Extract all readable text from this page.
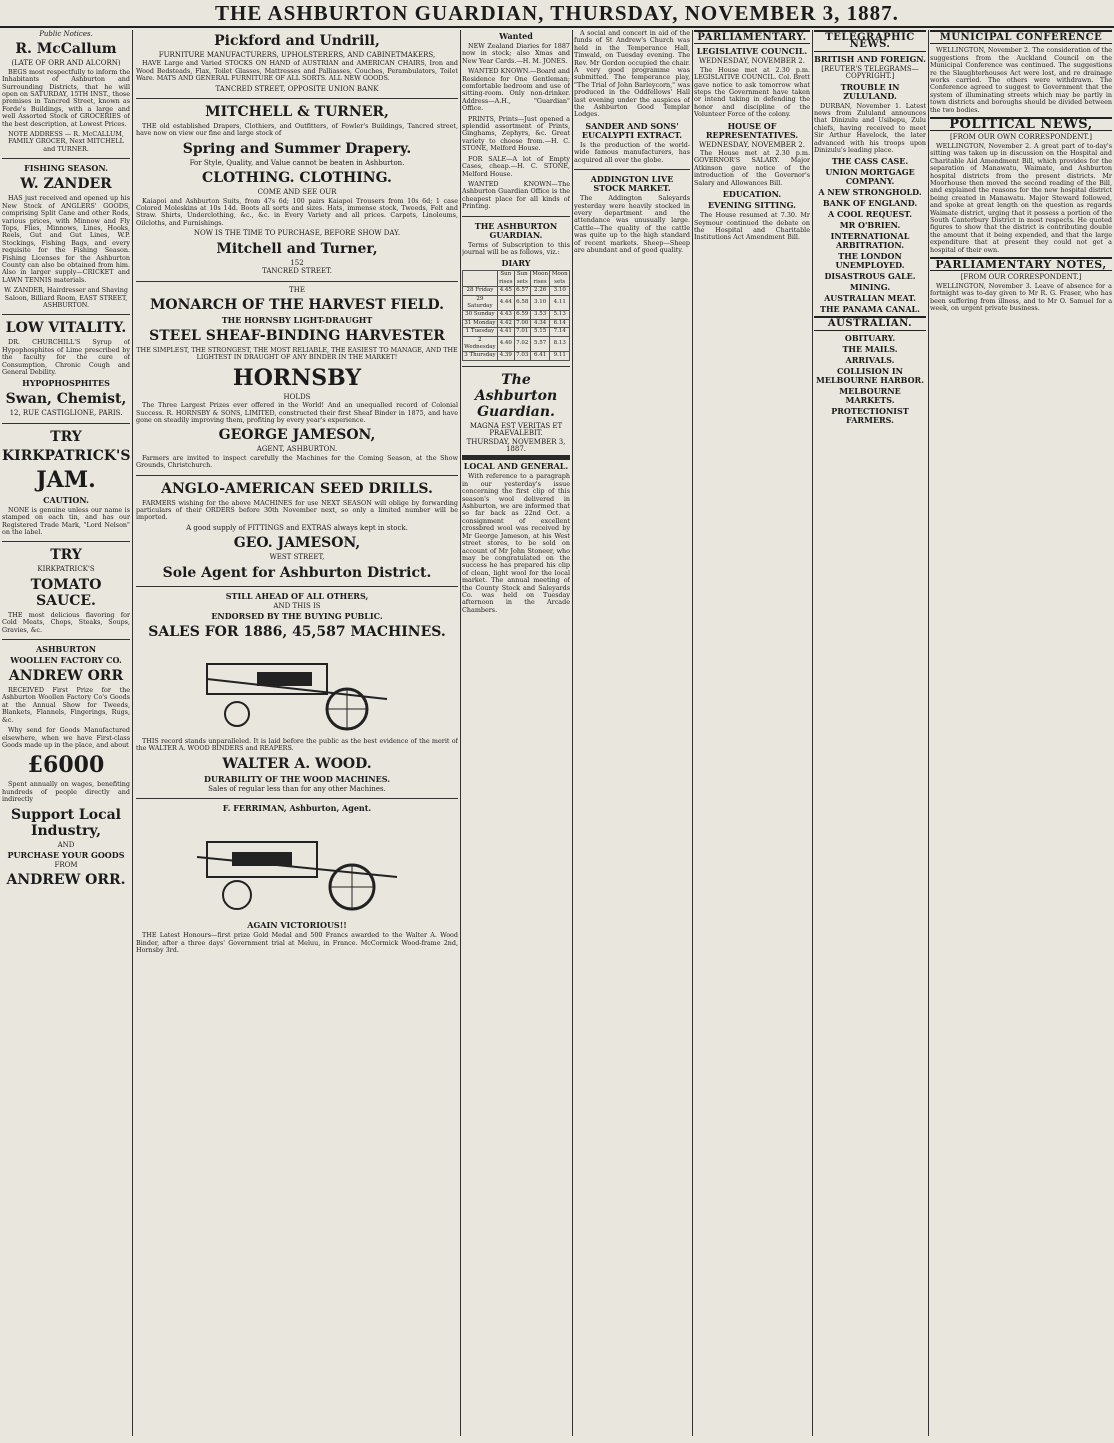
THE ASHBURTON GUARDIAN, THURSDAY, NOVEMBER 3, 1887.
Public Notices.
R. McCallum
(LATE OF ORR AND ALCORN)

BEGS most respectfully to inform the Inhabitants of Ashburton and Surrounding Districts, that he will open on SATURDAY, 15TH INST., those premises in Tancred Street, known as Forde's Buildings, with a large and well Assorted Stock of GROCERIES of the best description, at Lowest Prices.

NOTE ADDRESS — R. McCALLUM, FAMILY GROCER, Next MITCHELL and TURNER.

FISHING SEASON.
W. ZANDER

HAS just received and opened up his New Stock of ANGLERS' GOODS, comprising Split Cane and other Rods, various prices, with Minnow and Fly Tops, Flies, Minnows, Lines, Hooks, Reels, Gut and Gut Lines, W.P. Stockings, Fishing Bags, and every requisite for the Fishing Season. Fishing Licenses for the Ashburton County can also be obtained from him. Also in larger supply—CRICKET and LAWN TENNIS materials.

W. ZANDER, Hairdresser and Shaving Saloon, Billiard Room, EAST STREET, ASHBURTON.

LOW VITALITY.

DR. CHURCHILL'S Syrup of Hypophosphites of Lime prescribed by the faculty for the cure of Consumption, Chronic Cough and General Debility.

HYPOPHOSPHITES
Swan, Chemist,
12, RUE CASTIGLIONE, PARIS.
TRY
KIRKPATRICK'S
JAM.
CAUTION.

NONE is genuine unless our name is stamped on each tin, and has our Registered Trade Mark, "Lord Nelson" on the label.

TRY
KIRKPATRICK'S
TOMATO SAUCE.

THE most delicious flavoring for Cold Meats, Chops, Steaks, Soups, Gravies, &c.

ASHBURTON
WOOLLEN FACTORY CO.
ANDREW ORR

RECEIVED First Prize for the Ashburton Woollen Factory Co's Goods at the Annual Show for Tweeds, Blankets, Flannels, Fingerings, Rugs, &c.

Why send for Goods Manufactured elsewhere, when we have First-class Goods made up in the place, and about

£6000

Spent annually on wages, benefiting hundreds of people directly and indirectly

Support Local Industry,
AND
PURCHASE YOUR GOODS
FROM
ANDREW ORR.
Pickford and Undrill,
FURNITURE MANUFACTURERS, UPHOLSTERERS, AND CABINETMAKERS,

HAVE Large and Varied STOCKS ON HAND of AUSTRIAN and AMERICAN CHAIRS, Iron and Wood Bedsteads, Flax, Toilet Glasses, Mattresses and Palliasses, Couches, Perambulators, Toilet Ware. MATS AND GENERAL FURNITURE OF ALL SORTS. ALL NEW GOODS.

TANCRED STREET, OPPOSITE UNION BANK
MITCHELL & TURNER,

THE old established Drapers, Clothiers, and Outfitters, of Fowler's Buildings, Tancred street, have now on view our fine and large stock of

Spring and Summer Drapery.
For Style, Quality, and Value cannot be beaten in Ashburton.
CLOTHING. CLOTHING.
COME AND SEE OUR

Kaiapoi and Ashburton Suits, from 47s 6d; 100 pairs Kaiapoi Trousers from 10s 6d; 1 case Colored Moleskins at 10s 14d. Boots all sorts and sizes. Hats, immense stock, Tweeds, Felt and Straw. Shirts, Underclothing, &c., &c. in Every Variety and all prices. Carpets, Linoleums, Oilcloths, and Furnishings.

NOW IS THE TIME TO PURCHASE, BEFORE SHOW DAY.
Mitchell and Turner,
152
TANCRED STREET.
THE
MONARCH OF THE HARVEST FIELD.
THE HORNSBY LIGHT-DRAUGHT
STEEL SHEAF-BINDING HARVESTER

THE SIMPLEST, THE STRONGEST, THE MOST RELIABLE, THE EASIEST TO MANAGE, AND THE LIGHTEST IN DRAUGHT OF ANY BINDER IN THE MARKET!

HORNSBY
HOLDS

The Three Largest Prizes ever offered in the World! And an unequalled record of Colonial Success. R. HORNSBY & SONS, LIMITED, constructed their first Sheaf Binder in 1875, and have gone on steadily improving them, profiting by every year's experience.

GEORGE JAMESON,
AGENT, ASHBURTON.

Farmers are invited to inspect carefully the Machines for the Coming Season, at the Show Grounds, Christchurch.

ANGLO-AMERICAN SEED DRILLS.

FARMERS wishing for the above MACHINES for use NEXT SEASON will oblige by forwarding particulars of their ORDERS before 30th November next, so only a limited number will be imported.

A good supply of FITTINGS and EXTRAS always kept in stock.
GEO. JAMESON,
WEST STREET,
Sole Agent for Ashburton District.
STILL AHEAD OF ALL OTHERS,
AND THIS IS
ENDORSED BY THE BUYING PUBLIC.
SALES FOR 1886, 45,587 MACHINES.

THIS record stands unparalleled. It is laid before the public as the best evidence of the merit of the WALTER A. WOOD BINDERS and REAPERS.

WALTER A. WOOD.
DURABILITY OF THE WOOD MACHINES.
Sales of regular less than for any other Machines.
F. FERRIMAN, Ashburton, Agent.
AGAIN VICTORIOUS!!

THE Latest Honours—first prize Gold Medal and 500 Francs awarded to the Walter A. Wood Binder, after a three days' Government trial at Meluu, in France. McCormick Wood-frame 2nd, Hornsby 3rd.

Wanted

NEW Zealand Diaries for 1887 now in stock; also Xmas and New Year Cards.—H. M. JONES.

WANTED KNOWN.—Board and Residence for One Gentleman; comfortable bedroom and use of sitting-room. Only non-drinker. Address—A.H., "Guardian" Office.

PRINTS, Prints—Just opened a splendid assortment of Prints, Ginghams, Zephyrs, &c. Great variety to choose from.—H. C. STONE, Melford House.

FOR SALE—A lot of Empty Cases, cheap.—H. C. STONE, Melford House.

WANTED KNOWN—The Ashburton Guardian Office is the cheapest place for all kinds of Printing.

THE ASHBURTON GUARDIAN.

Terms of Subscription to this journal will be as follows, viz.:

DIARY
	Sun rises	Sun sets	Moon rises	Moon sets
28 Friday	4.45	6.57	2.26	3.10
29 Saturday	4.44	6.58	3.10	4.11
30 Sunday	4.43	6.59	3.53	5.13
31 Monday	4.42	7.00	4.34	6.14
1 Tuesday	4.41	7.01	5.15	7.14
2 Wednesday	4.40	7.02	5.57	8.13
3 Thursday	4.39	7.03	6.41	9.11
The Ashburton Guardian.
MAGNA EST VERITAS ET PRAEVALEBIT.
THURSDAY, NOVEMBER 3, 1887.
LOCAL AND GENERAL.

With reference to a paragraph in our yesterday's issue concerning the first clip of this season's wool delivered in Ashburton, we are informed that so far back as 22nd Oct. a consignment of excellent crossbred wool was received by Mr George Jameson, at his West street stores, to be sold on account of Mr John Stoneer, who may be congratulated on the success he has prepared his clip of clean, light wool for the local market. The annual meeting of the County Stock and Saleyards Co. was held on Tuesday afternoon in the Arcade Chambers.

A social and concert in aid of the funds of St Andrew's Church was held in the Temperance Hall, Tinwald, on Tuesday evening. The Rev. Mr Gordon occupied the chair. A very good programme was submitted. The temperance play, "The Trial of John Barleycorn," was produced in the Oddfellows' Hall last evening under the auspices of the Ashburton Good Templar Lodges.

SANDER AND SONS' EUCALYPTI EXTRACT.

Is the production of the world-wide famous manufacturers, has acquired all over the globe.

ADDINGTON LIVE STOCK MARKET.

The Addington Saleyards yesterday were heavily stocked in every department and the attendance was unusually large. Cattle—The quality of the cattle was quite up to the high standard of recent markets. Sheep—Sheep are abundant and of good quality.

PARLIAMENTARY.
LEGISLATIVE COUNCIL.
WEDNESDAY, NOVEMBER 2.

The House met at 2.30 p.m. LEGISLATIVE COUNCIL. Col. Brett gave notice to ask tomorrow what steps the Government have taken or intend taking in defending the honor and discipline of the Volunteer Force of the colony.

HOUSE OF REPRESENTATIVES.
WEDNESDAY, NOVEMBER 2.

The House met at 2.30 p.m. GOVERNOR'S SALARY. Major Atkinson gave notice of the introduction of the Governor's Salary and Allowances Bill.

EDUCATION.
EVENING SITTING.

The House resumed at 7.30. Mr Seymour continued the debate on the Hospital and Charitable Institutions Act Amendment Bill.

TELEGRAPHIC NEWS.
BRITISH AND FOREIGN.
[REUTER'S TELEGRAMS—COPYRIGHT.]
TROUBLE IN ZULULAND.

DURBAN, November 1. Latest news from Zululand announces that Dinizulu and Usibepu, Zulu chiefs, having received to meet Sir Arthur Havelock, the later advanced with his troops upon Dinizulu's leading place.

THE CASS CASE.
UNION MORTGAGE COMPANY.
A NEW STRONGHOLD.
BANK OF ENGLAND.
A COOL REQUEST.
MR O'BRIEN.
INTERNATIONAL ARBITRATION.
THE LONDON UNEMPLOYED.
DISASTROUS GALE.
MINING.
AUSTRALIAN MEAT.
THE PANAMA CANAL.
AUSTRALIAN.
OBITUARY.
THE MAILS.
ARRIVALS.
COLLISION IN MELBOURNE HARBOR.
MELBOURNE MARKETS.
PROTECTIONIST FARMERS.
MUNICIPAL CONFERENCE

WELLINGTON, November 2. The consideration of the suggestions from the Auckland Council on the Municipal Conference was continued. The suggestions re the Slaughterhouses Act were lost, and re drainage works carried. The others were withdrawn. The Conference agreed to suggest to Government that the system of illuminating streets which may be partly in town districts and boroughs should be divided between the two bodies.

POLITICAL NEWS,
[FROM OUR OWN CORRESPONDENT.]

WELLINGTON, November 2. A great part of to-day's sitting was taken up in discussion on the Hospital and Charitable Aid Amendment Bill, which provides for the separation of Manawatu, Waimate, and Ashburton hospital districts from the present districts. Mr Moorhouse then moved the second reading of the Bill, and explained the reasons for the new hospital district being created in Manawatu. Major Steward followed, and spoke at great length on the question as regards Waimate district, urging that it possess a portion of the South Canterbury District in most respects. He quoted figures to show that the district is contributing double the amount that it being expended, and that the large expenditure that at present they could not get a hospital of their own.

PARLIAMENTARY NOTES,
[FROM OUR CORRESPONDENT.]

WELLINGTON, November 3. Leave of absence for a fortnight was to-day given to Mr R. G. Fraser, who has been suffering from illness, and to Mr O. Samuel for a week, on urgent private business.
